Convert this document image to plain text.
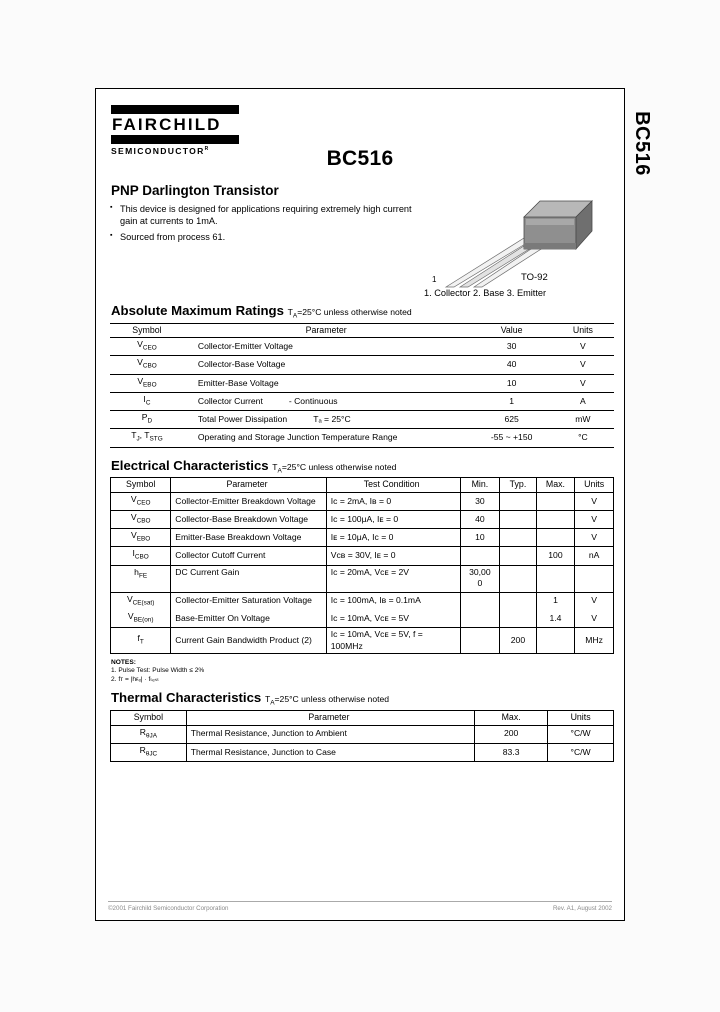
BC516
FAIRCHILD
$SEMICONDUCTOR^R$	BC516
PNP Darlington Transistor
▪ This device is designed for applications requiring extremely high current gain at currents to 1mA.
▪ Sourced from process 61.
1	TO-92
1. Collector 2. Base 3. Emitter
Absolute Maximum Ratings $T_A=25^\circ C$ unless otherwise noted
Symbol	Parameter	Value	Units
$V_{CEO}$	Collector-Emitter Voltage	30	V
$V_{CBO}$	Collector-Base Voltage	40	V
$V_{EBO}$	Emitter-Base Voltage	10	V
$I_C$	Collector Current - Continuous	1	A
$P_D$	Total Power Dissipation Tₐ = 25°C	625	mW
$T_J$, $T_{STG}$	Operating and Storage Junction Temperature Range	-55 ~ +150	°C
Electrical Characteristics $T_A=25^\circ C$ unless otherwise noted
Symbol	Parameter	Test Condition	Min.	Typ.	Max.	Units
$V_{CEO}$	Collector-Emitter Breakdown Voltage	Iᴄ = 2mA, Iʙ = 0	30			V
$V_{CBO}$	Collector-Base Breakdown Voltage	Iᴄ = 100μA, Iᴇ = 0	40			V
$V_{EBO}$	Emitter-Base Breakdown Voltage	Iᴇ = 10μA, Iᴄ = 0	10			V
$I_{CBO}$	Collector Cutoff Current	Vᴄʙ = 30V, Iᴇ = 0			100	nA
$h_{FE}$	DC Current Gain	Iᴄ = 20mA, Vᴄᴇ = 2V	30,000			

$V_{CE(sat)}$	Collector-Emitter Saturation Voltage	Iᴄ = 100mA, Iʙ = 0.1mA			1	V
$V_{BE(on)}$	Base-Emitter On Voltage	Iᴄ = 10mA, Vᴄᴇ = 5V			1.4	V
$f_T$	Current Gain Bandwidth Product (2)	Iᴄ = 10mA, Vᴄᴇ = 5V, f = 100MHz		200		MHz
NOTES:
1. Pulse Test: Pulse Width ≤ 2%
2. fᴛ = |hғₑ| · fₜₑₛₜ
Thermal Characteristics $T_A=25^\circ C$ unless otherwise noted
Symbol	Parameter	Max.	Units
$R_{\theta JA}$	Thermal Resistance, Junction to Ambient	200	°C/W
$R_{\theta JC}$	Thermal Resistance, Junction to Case	83.3	°C/W
©2001 Fairchild Semiconductor Corporation	Rev. A1, August 2002
